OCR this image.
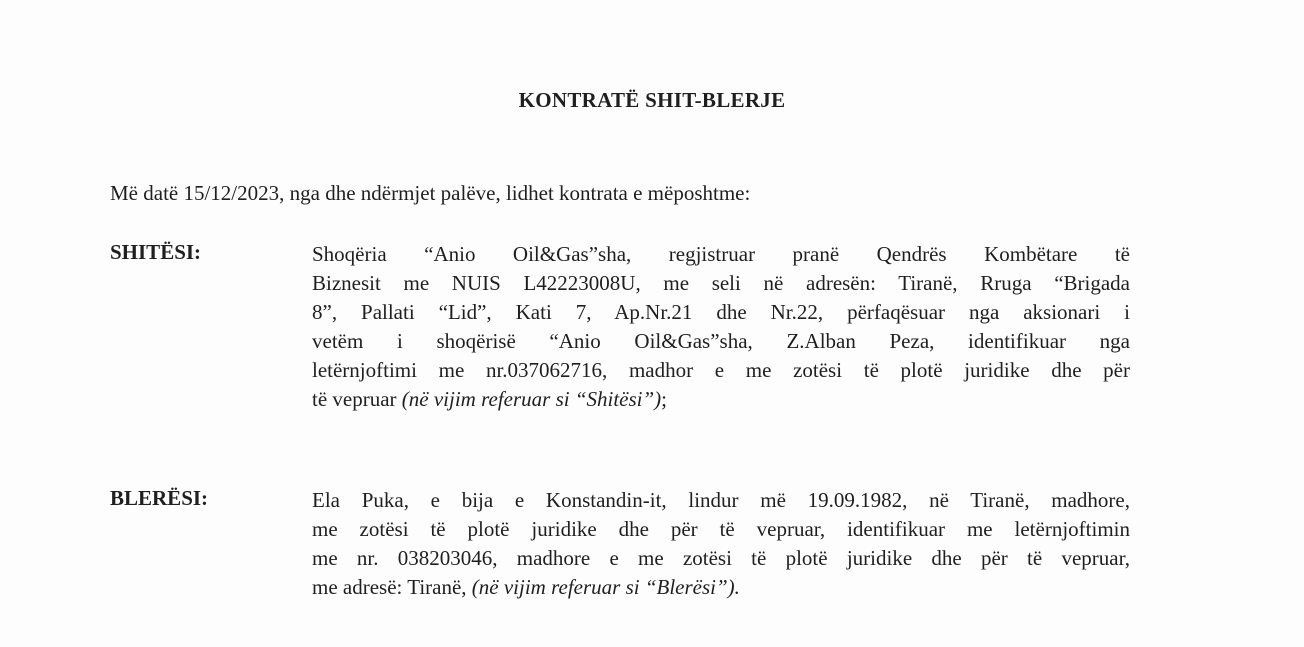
KONTRATË SHIT-BLERJE

Më datë 15/12/2023, nga dhe ndërmjet palëve, lidhet kontrata e mëposhtme:

SHITËSI:	Shoqëria “Anio Oil&Gas”sha, regjistruar pranë Qendrës Kombëtare të
Biznesit me NUIS L42223008U, me seli në adresën: Tiranë, Rruga “Brigada
8”, Pallati “Lid”, Kati 7, Ap.Nr.21 dhe Nr.22, përfaqësuar nga aksionari i
vetëm i shoqërisë “Anio Oil&Gas”sha, Z.Alban Peza, identifikuar nga
letërnjoftimi me nr.037062716, madhor e me zotësi të plotë juridike dhe për
të vepruar (në vijim referuar si “Shitësi”);

BLERËSI:	Ela Puka, e bija e Konstandin-it, lindur më 19.09.1982, në Tiranë, madhore,
me zotësi të plotë juridike dhe për të vepruar, identifikuar me letërnjoftimin
me nr. 038203046, madhore e me zotësi të plotë juridike dhe për të vepruar,
me adresë: Tiranë, (në vijim referuar si “Blerësi”).
